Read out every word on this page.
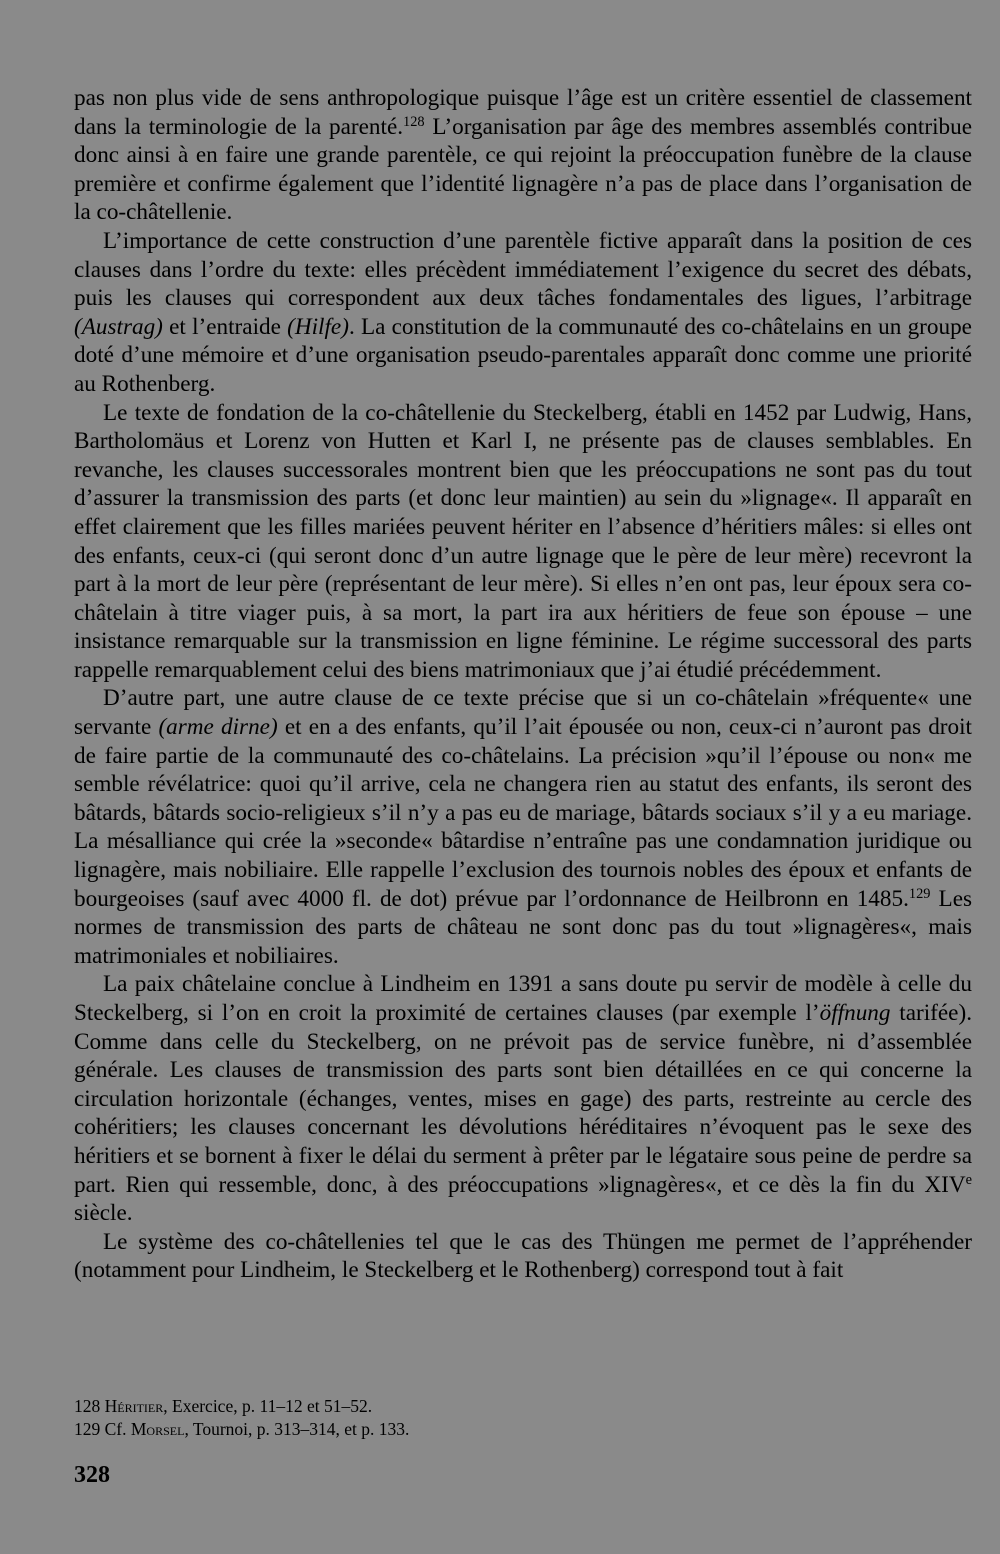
pas non plus vide de sens anthropologique puisque l’âge est un critère essentiel de classement dans la terminologie de la parenté.$^{128}$ L’organisation par âge des membres assemblés contribue donc ainsi à en faire une grande parentèle, ce qui rejoint la préoccupation funèbre de la clause première et confirme également que l’identité lignagère n’a pas de place dans l’organisation de la co-châtellenie.

L’importance de cette construction d’une parentèle fictive apparaît dans la position de ces clauses dans l’ordre du texte: elles précèdent immédiatement l’exigence du secret des débats, puis les clauses qui correspondent aux deux tâches fondamentales des ligues, l’arbitrage (Austrag) et l’entraide (Hilfe). La constitution de la communauté des co-châtelains en un groupe doté d’une mémoire et d’une organisation pseudo-parentales apparaît donc comme une priorité au Rothenberg.

Le texte de fondation de la co-châtellenie du Steckelberg, établi en 1452 par Ludwig, Hans, Bartholomäus et Lorenz von Hutten et Karl I, ne présente pas de clauses semblables. En revanche, les clauses successorales montrent bien que les préoccupations ne sont pas du tout d’assurer la transmission des parts (et donc leur maintien) au sein du »lignage«. Il apparaît en effet clairement que les filles mariées peuvent hériter en l’absence d’héritiers mâles: si elles ont des enfants, ceux-ci (qui seront donc d’un autre lignage que le père de leur mère) recevront la part à la mort de leur père (représentant de leur mère). Si elles n’en ont pas, leur époux sera co-châtelain à titre viager puis, à sa mort, la part ira aux héritiers de feue son épouse – une insistance remarquable sur la transmission en ligne féminine. Le régime successoral des parts rappelle remarquablement celui des biens matrimoniaux que j’ai étudié précédemment.

D’autre part, une autre clause de ce texte précise que si un co-châtelain »fréquente« une servante (arme dirne) et en a des enfants, qu’il l’ait épousée ou non, ceux-ci n’auront pas droit de faire partie de la communauté des co-châtelains. La précision »qu’il l’épouse ou non« me semble révélatrice: quoi qu’il arrive, cela ne changera rien au statut des enfants, ils seront des bâtards, bâtards socio-religieux s’il n’y a pas eu de mariage, bâtards sociaux s’il y a eu mariage. La mésalliance qui crée la »seconde« bâtardise n’entraîne pas une condamnation juridique ou lignagère, mais nobiliaire. Elle rappelle l’exclusion des tournois nobles des époux et enfants de bourgeoises (sauf avec 4000 fl. de dot) prévue par l’ordonnance de Heilbronn en 1485.$^{129}$ Les normes de transmission des parts de château ne sont donc pas du tout »lignagères«, mais matrimoniales et nobiliaires.

La paix châtelaine conclue à Lindheim en 1391 a sans doute pu servir de modèle à celle du Steckelberg, si l’on en croit la proximité de certaines clauses (par exemple l’öffnung tarifée). Comme dans celle du Steckelberg, on ne prévoit pas de service funèbre, ni d’assemblée générale. Les clauses de transmission des parts sont bien détaillées en ce qui concerne la circulation horizontale (échanges, ventes, mises en gage) des parts, restreinte au cercle des cohéritiers; les clauses concernant les dévolutions héréditaires n’évoquent pas le sexe des héritiers et se bornent à fixer le délai du serment à prêter par le légataire sous peine de perdre sa part. Rien qui ressemble, donc, à des préoccupations »lignagères«, et ce dès la fin du XIVe siècle.

Le système des co-châtellenies tel que le cas des Thüngen me permet de l’appréhender (notamment pour Lindheim, le Steckelberg et le Rothenberg) correspond tout à fait

128 Héritier, Exercice, p. 11–12 et 51–52.

129 Cf. Morsel, Tournoi, p. 313–314, et p. 133.

328
